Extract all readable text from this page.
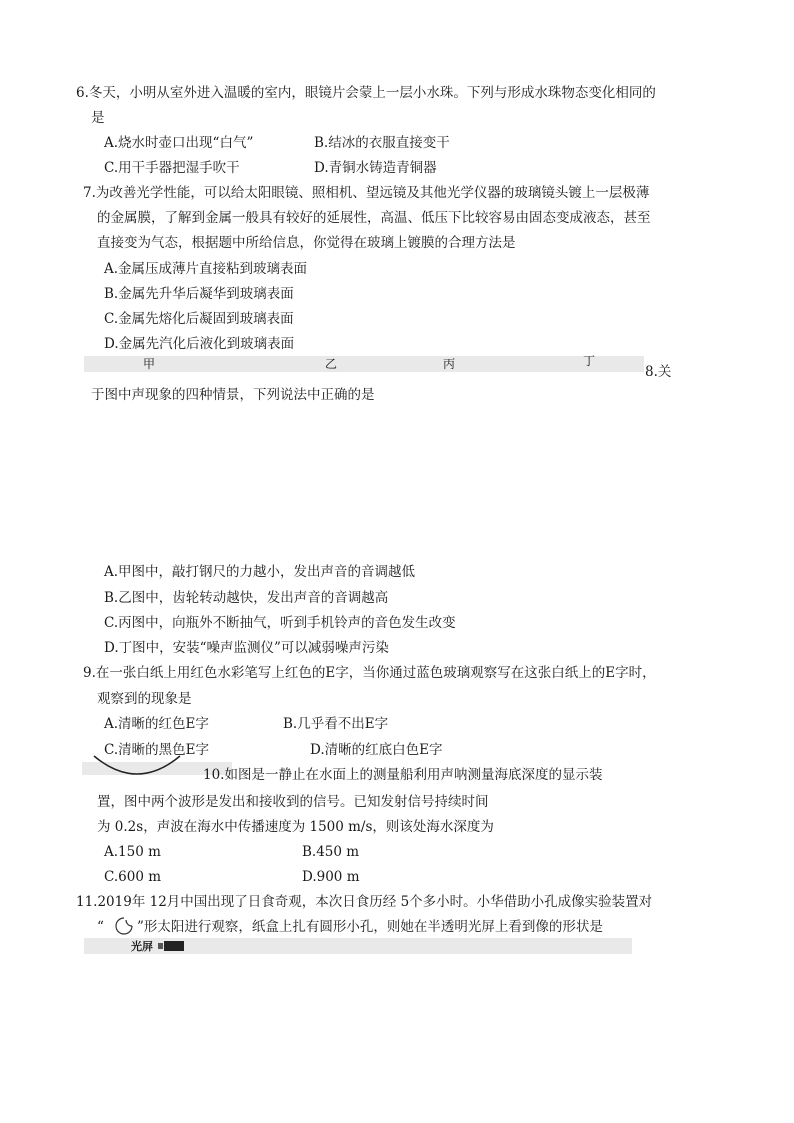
6.冬天，小明从室外进入温暖的室内，眼镜片会蒙上一层小水珠。下列与形成水珠物态变化相同的
是
A.烧水时壶口出现“白气”	B.结冰的衣服直接变干
C.用干手器把湿手吹干	D.青铜水铸造青铜器
7.为改善光学性能，可以给太阳眼镜、照相机、望远镜及其他光学仪器的玻璃镜头镀上一层极薄
的金属膜，了解到金属一般具有较好的延展性，高温、低压下比较容易由固态变成液态，甚至
直接变为气态，根据题中所给信息，你觉得在玻璃上镀膜的合理方法是
A.金属压成薄片直接粘到玻璃表面
B.金属先升华后凝华到玻璃表面
C.金属先熔化后凝固到玻璃表面
D.金属先汽化后液化到玻璃表面
甲	乙	丙	丁
8.关
于图中声现象的四种情景，下列说法中正确的是
A.甲图中，敲打钢尺的力越小，发出声音的音调越低
B.乙图中，齿轮转动越快，发出声音的音调越高
C.丙图中，向瓶外不断抽气，听到手机铃声的音色发生改变
D.丁图中，安装“噪声监测仪”可以减弱噪声污染
9.在一张白纸上用红色水彩笔写上红色的E字，当你通过蓝色玻璃观察写在这张白纸上的E字时，
观察到的现象是
A.清晰的红色E字	B.几乎看不出E字
C.清晰的黑色E字	D.清晰的红底白色E字
10.如图是一静止在水面上的测量船利用声呐测量海底深度的显示装
置，图中两个波形是发出和接收到的信号。已知发射信号持续时间
为 0.2s，声波在海水中传播速度为 1500 m/s，则该处海水深度为
A.150 m	B.450 m
C.600 m	D.900 m
11.2019年 12月中国出现了日食奇观，本次日食历经 5个多小时。小华借助小孔成像实验装置对
“ ”形太阳进行观察，纸盒上扎有圆形小孔，则她在半透明光屏上看到像的形状是
光屏
